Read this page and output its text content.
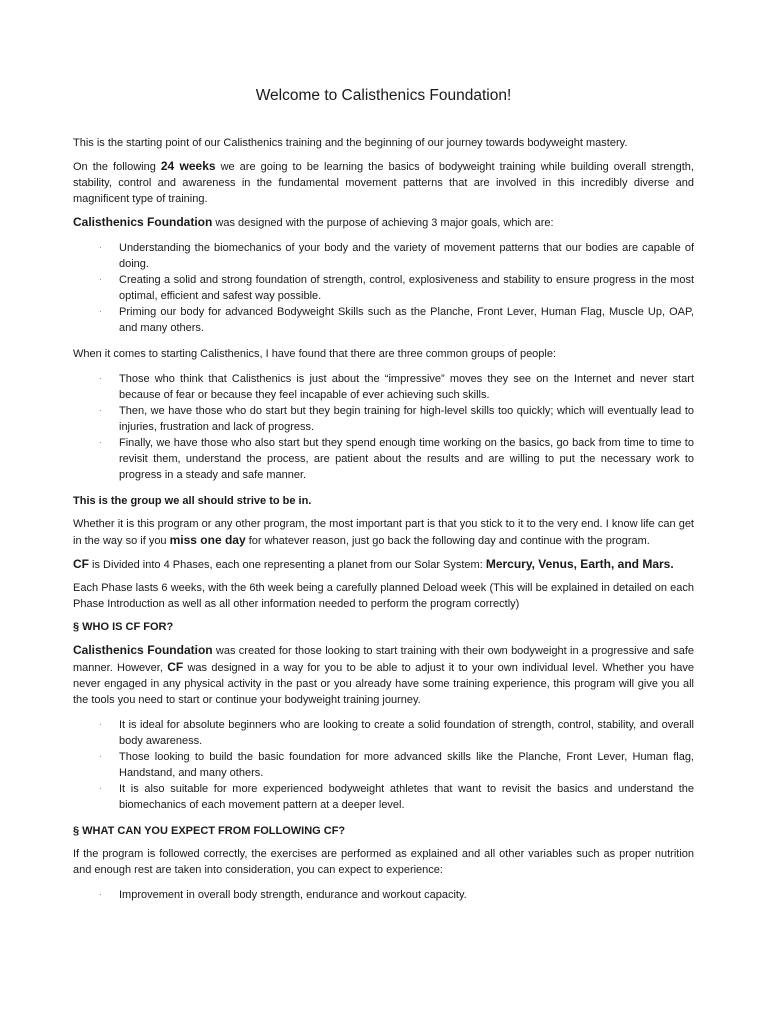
Welcome to Calisthenics Foundation!

This is the starting point of our Calisthenics training and the beginning of our journey towards bodyweight mastery.

On the following 24 weeks we are going to be learning the basics of bodyweight training while building overall strength, stability, control and awareness in the fundamental movement patterns that are involved in this incredibly diverse and magnificent type of training.

Calisthenics Foundation was designed with the purpose of achieving 3 major goals, which are:

· Understanding the biomechanics of your body and the variety of movement patterns that our bodies are capable of doing.
· Creating a solid and strong foundation of strength, control, explosiveness and stability to ensure progress in the most optimal, efficient and safest way possible.
· Priming our body for advanced Bodyweight Skills such as the Planche, Front Lever, Human Flag, Muscle Up, OAP, and many others.

When it comes to starting Calisthenics, I have found that there are three common groups of people:

· Those who think that Calisthenics is just about the “impressive” moves they see on the Internet and never start because of fear or because they feel incapable of ever achieving such skills.
· Then, we have those who do start but they begin training for high-level skills too quickly; which will eventually lead to injuries, frustration and lack of progress.
· Finally, we have those who also start but they spend enough time working on the basics, go back from time to time to revisit them, understand the process, are patient about the results and are willing to put the necessary work to progress in a steady and safe manner.

This is the group we all should strive to be in.

Whether it is this program or any other program, the most important part is that you stick to it to the very end. I know life can get in the way so if you miss one day for whatever reason, just go back the following day and continue with the program.

CF is Divided into 4 Phases, each one representing a planet from our Solar System: Mercury, Venus, Earth, and Mars.

Each Phase lasts 6 weeks, with the 6th week being a carefully planned Deload week (This will be explained in detailed on each Phase Introduction as well as all other information needed to perform the program correctly)

§ WHO IS CF FOR?

Calisthenics Foundation was created for those looking to start training with their own bodyweight in a progressive and safe manner. However, CF was designed in a way for you to be able to adjust it to your own individual level. Whether you have never engaged in any physical activity in the past or you already have some training experience, this program will give you all the tools you need to start or continue your bodyweight training journey.

· It is ideal for absolute beginners who are looking to create a solid foundation of strength, control, stability, and overall body awareness.
· Those looking to build the basic foundation for more advanced skills like the Planche, Front Lever, Human flag, Handstand, and many others.
· It is also suitable for more experienced bodyweight athletes that want to revisit the basics and understand the biomechanics of each movement pattern at a deeper level.

§ WHAT CAN YOU EXPECT FROM FOLLOWING CF?

If the program is followed correctly, the exercises are performed as explained and all other variables such as proper nutrition and enough rest are taken into consideration, you can expect to experience:

· Improvement in overall body strength, endurance and workout capacity.
